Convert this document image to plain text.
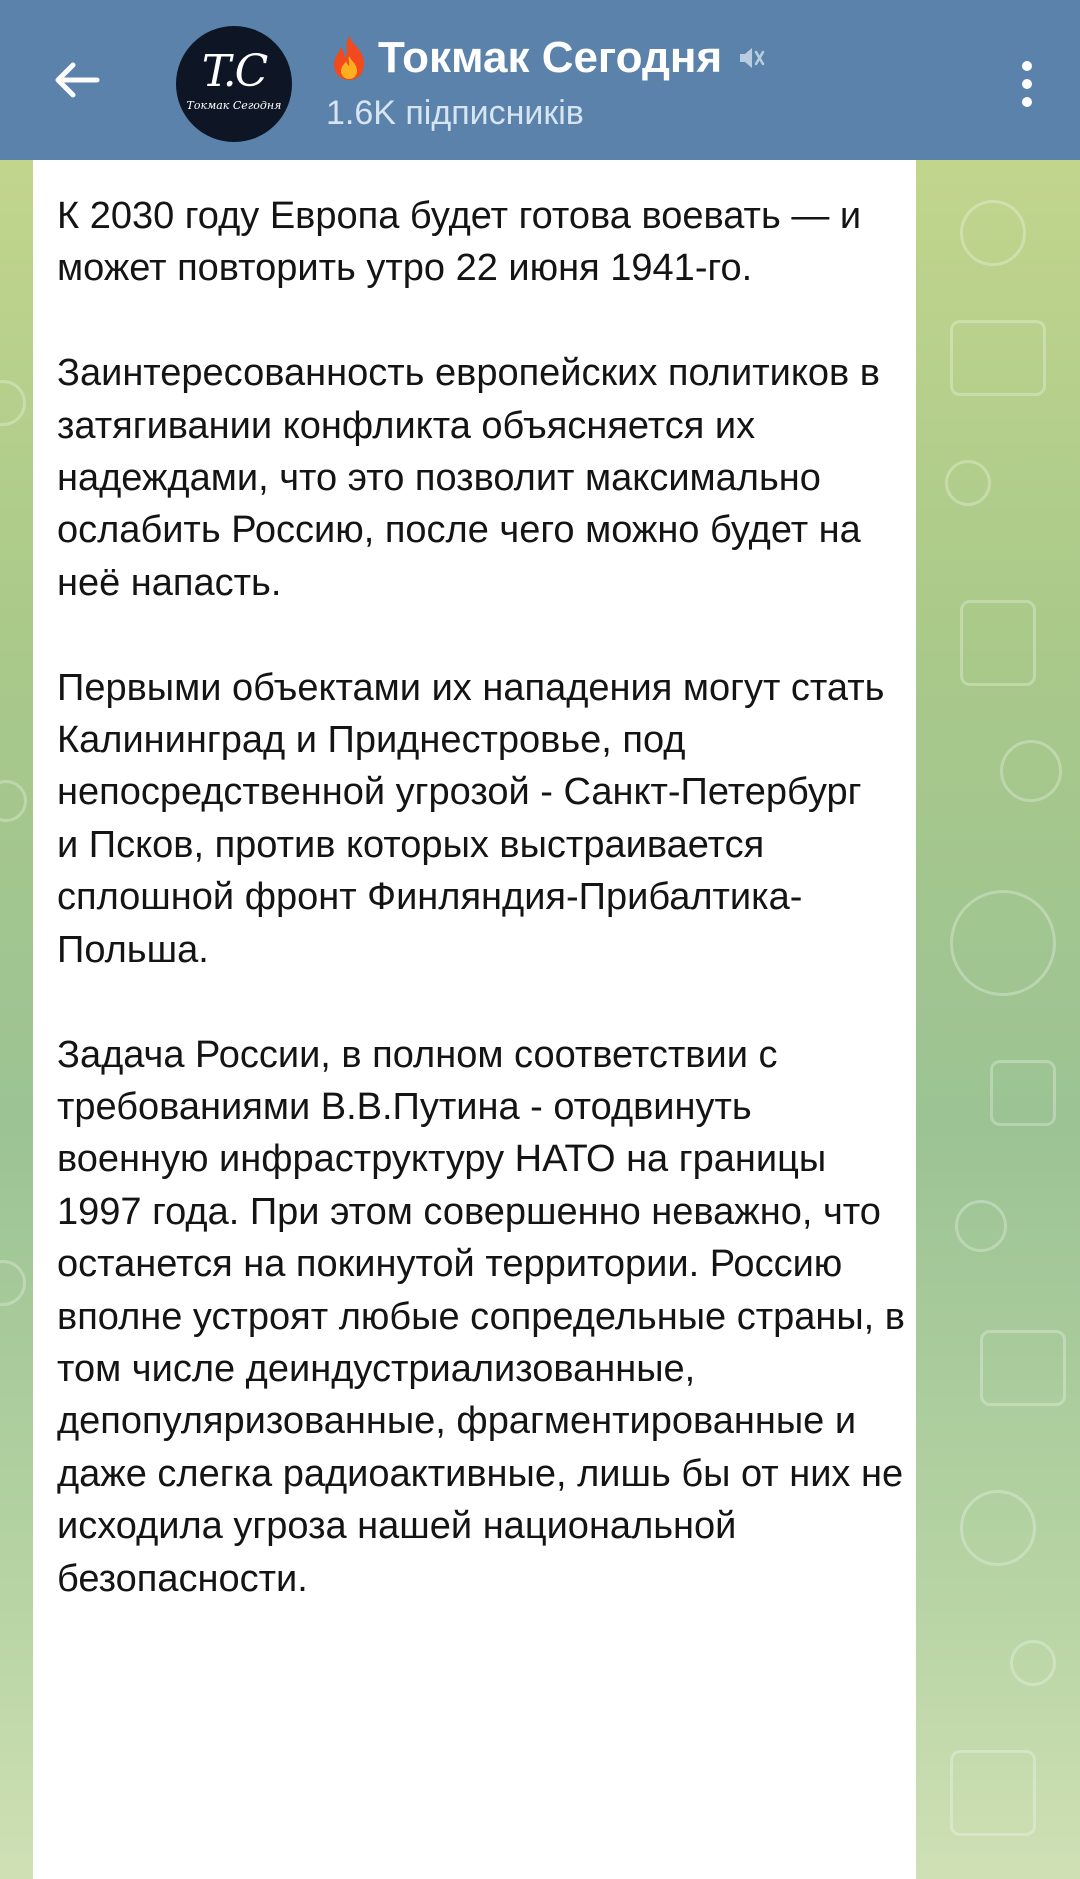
T.C
Токмак Сегодня
Токмак Сегодня
1.6K підписників

К 2030 году Европа будет готова воевать — и может повторить утро 22 июня 1941-го.

Заинтересованность европейских политиков в затягивании конфликта объясняется их надеждами, что это позволит максимально ослабить Россию, после чего можно будет на неё напасть.

Первыми объектами их нападения могут стать Калининград и Приднестровье, под непосредственной угрозой - Санкт-Петербург
и Псков, против которых выстраивается сплошной фронт Финляндия-Прибалтика-Польша.

Задача России, в полном соответствии с требованиями В.В.Путина - отодвинуть военную инфраструктуру НАТО на границы 1997 года. При этом совершенно неважно, что останется на покинутой территории. Россию вполне устроят любые сопредельные страны, в том числе деиндустриализованные, депопуляризованные, фрагментированные и даже слегка радиоактивные, лишь бы от них не исходила угроза нашей национальной безопасности.
